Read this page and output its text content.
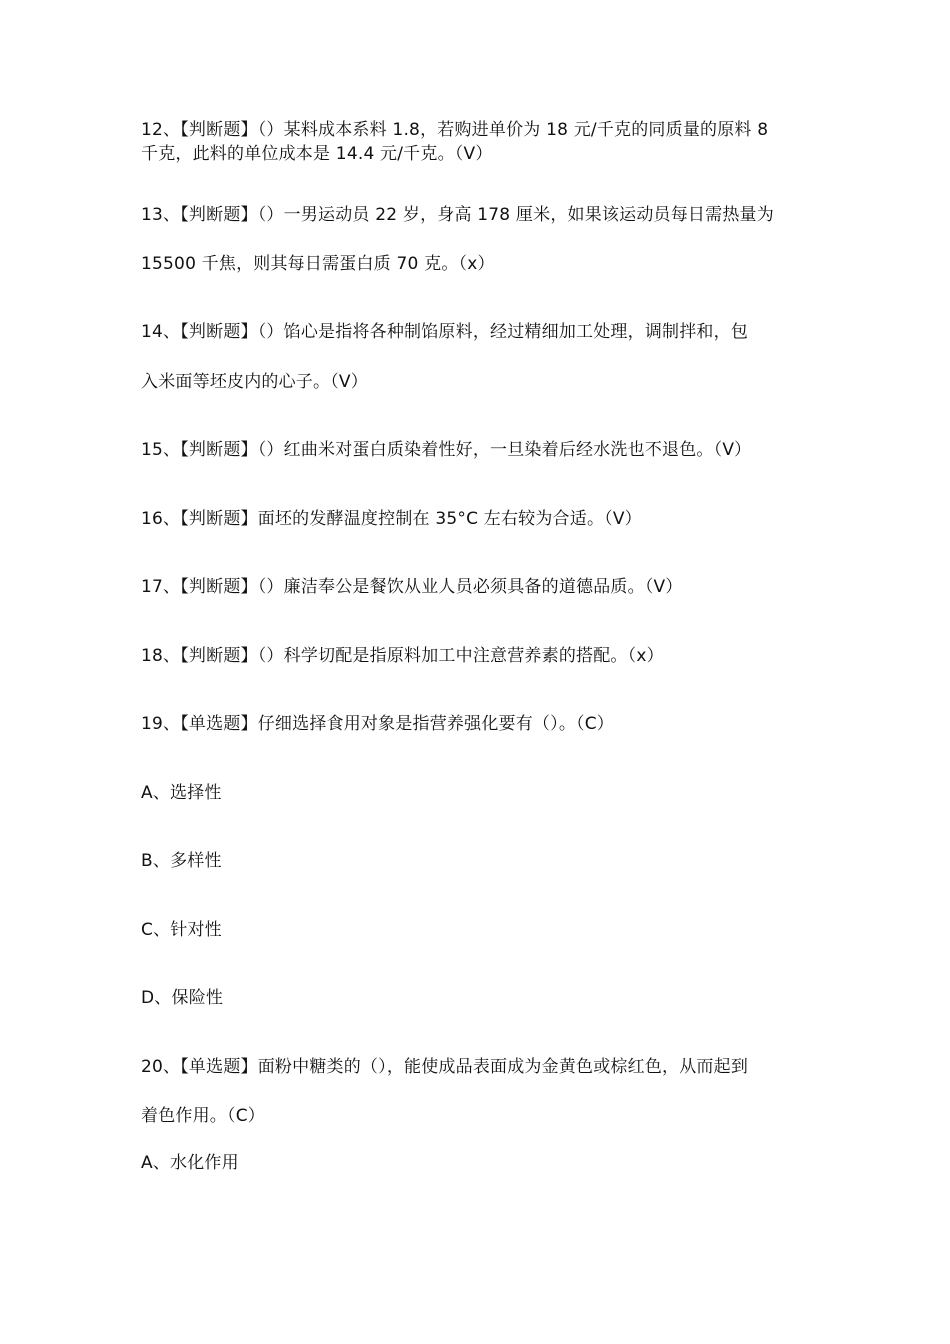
12、【判断题】（）某料成本系料 1.8，若购进单价为 18 元/千克的同质量的原料 8
千克，此料的单位成本是 14.4 元/千克。（V）
13、【判断题】（）一男运动员 22 岁，身高 178 厘米，如果该运动员每日需热量为
15500 千焦，则其每日需蛋白质 70 克。（x）
14、【判断题】（）馅心是指将各种制馅原料，经过精细加工处理，调制拌和，包
入米面等坯皮内的心子。（V）
15、【判断题】（）红曲米对蛋白质染着性好，一旦染着后经水洗也不退色。（V）
16、【判断题】面坯的发酵温度控制在 35°C 左右较为合适。（V）
17、【判断题】（）廉洁奉公是餐饮从业人员必须具备的道德品质。（V）
18、【判断题】（）科学切配是指原料加工中注意营养素的搭配。（x）
19、【单选题】仔细选择食用对象是指营养强化要有（）。（C）
A、选择性
B、多样性
C、针对性
D、保险性
20、【单选题】面粉中糖类的（），能使成品表面成为金黄色或棕红色，从而起到
着色作用。（C）
A、水化作用
